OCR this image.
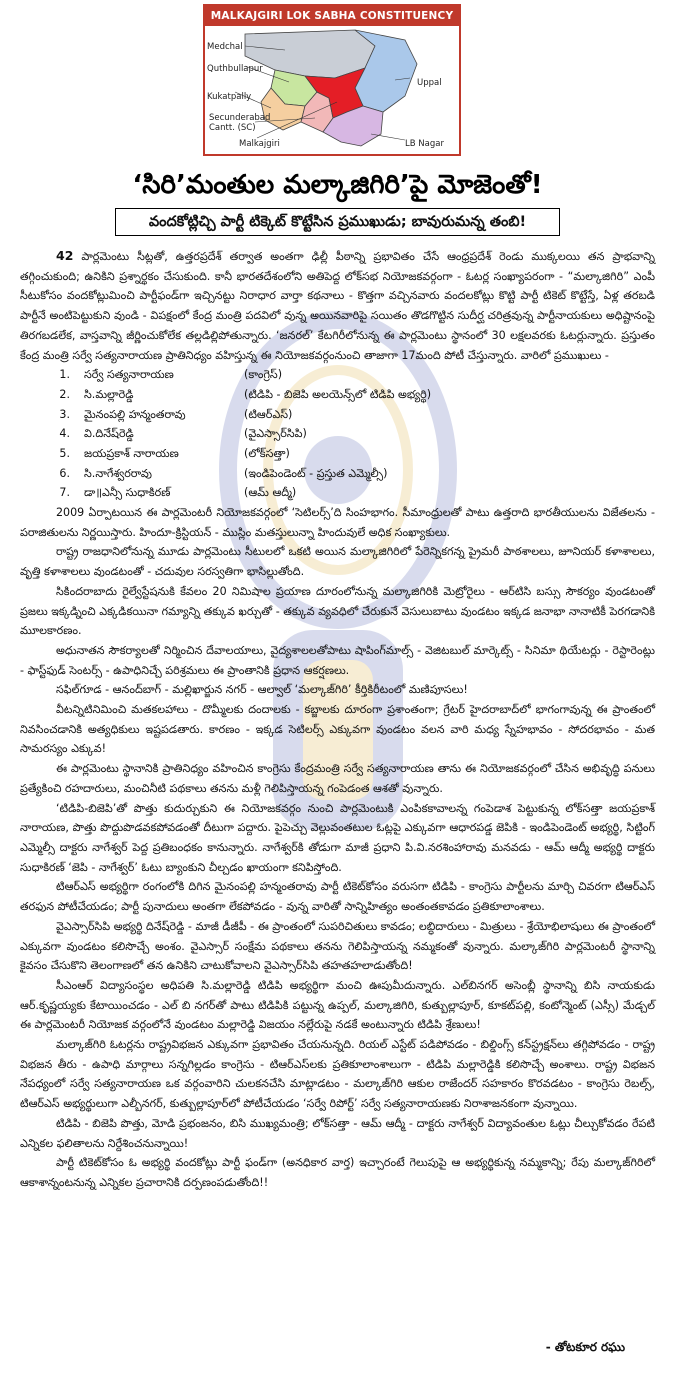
MALKAJGIRI LOK SABHA CONSTITUENCY
Medchal
Quthbullapur
Kukatpally
Uppal
Secunderabad
Cantt. (SC)
Malkajgiri	LB Nagar
‘సిరి’మంతుల మల్కాజిగిరి’పై మోజెంతో!
వందకోట్లిచ్చి పార్టీ టిక్కెట్ కొట్టేసిన ప్రముఖుడు; బావురుమన్న తంబి!

42 పార్లమెంటు సీట్లతో, ఉత్తరప్రదేశ్ తర్వాత అంతగా ఢిల్లీ పీఠాన్ని ప్రభావితం చేసే ఆంధ్రప్రదేశ్ రెండు ముక్కలయి తన ప్రాభవాన్ని తగ్గించుకుంది; ఉనికిని ప్రశ్నార్థకం చేసుకుంది. కానీ భారతదేశంలోని అతిపెద్ద లోక్‌సభ నియోజకవర్గంగా - ఓటర్ల సంఖ్యాపరంగా - “మల్కాజిగిరి” ఎంపీ సీటుకోసం వందకోట్లుమించి పార్టీఫండ్‌గా ఇచ్చినట్టు నిరాధార వార్తా కథనాలు - కొత్తగా వచ్చినవారు వందలకోట్లు కొట్టి పార్టీ టికెట్ కొట్టేస్తే, ఏళ్ల తరబడి పార్టీనే అంటిపెట్టుకుని వుండి - విపక్షంలో కేంద్ర మంత్రి పదవిలో వున్న అయినవారిపై సయితం తొడగొట్టిన సుదీర్ఘ చరిత్రవున్న పార్టీనాయకులు అధిష్టానంపై తిరగబడలేక, వాస్తవాన్ని జీర్ణించుకోలేక తల్లడిల్లిపోతున్నారు. ‘జనరల్’ కేటగిరీలోనున్న ఈ పార్లమెంటు స్థానంలో 30 లక్షలవరకు ఓటర్లున్నారు. ప్రస్తుతం కేంద్ర మంత్రి సర్వే సత్యనారాయణ ప్రాతినిధ్యం వహిస్తున్న ఈ నియోజకవర్గంనుంచి తాజాగా 17మంది పోటీ చేస్తున్నారు. వారిలో ప్రముఖులు -

1.	సర్వే సత్యనారాయణ	(కాంగ్రెస్)
2.	సి.మల్లారెడ్డి	(టిడిపి - బిజెపి అలయెన్స్‌లో టిడిపి అభ్యర్థి)
3.	మైనంపల్లి హన్మంతరావు	(టిఆర్ఎస్)
4.	వి.దినేష్‌రెడ్డి	(వైఎస్సార్‌సిపి)
5.	జయప్రకాశ్ నారాయణ	(లోక్‌సత్తా)
6.	సి.నాగేశ్వరరావు	(ఇండిపెండెంట్ - ప్రస్తుత ఎమ్మెల్సీ)
7.	డా॥ఎన్సీ సుధాకిరణ్	(ఆమ్ ఆద్మీ)

2009 ఏర్పాటయిన ఈ పార్లమెంటరీ నియోజకవర్గంలో ‘సెటిలర్స్’ది సింహభాగం. సీమాంధ్రులతో పాటు ఉత్తరాది భారతీయులను విజేతలను - పరాజితులను నిర్ణయిస్తారు. హిందూ-క్రిస్టియన్ - ముస్లిం మతస్తులున్నా హిందువులే అధిక సంఖ్యాకులు.

రాష్ట్ర రాజధానిలోనున్న మూడు పార్లమెంటు సీటులలో ఒకటి అయిన మల్కాజిగిరిలో పేరెన్నికగన్న ప్రైమరీ పాఠశాలలు, జూనియర్ కళాశాలలు, వృత్తి కళాశాలలు వుండటంతో - చదువుల సరస్వతిగా భాసిల్లుతోంది.

సికిందరాబాదు రైల్వేస్టేషనుకి కేవలం 20 నిమిషాల ప్రయాణ దూరంలోనున్న మల్కాజిగిరికి మెట్రోరైలు - ఆర్‌టిసి బస్సు సౌకర్యం వుండటంతో ప్రజలు ఇక్కడ్నించి ఎక్కడికయినా గమ్యాన్ని తక్కువ ఖర్చుతో - తక్కువ వ్యవధిలో చేరుకునే వెసులుబాటు వుండటం ఇక్కడ జనాభా నానాటికీ పెరగడానికి మూలకారణం.

అధునాతన సౌకర్యాలతో నిర్మించిన దేవాలయాలు, వైద్యశాలలతోపాటు షాపింగ్‌మాల్స్ - వెజిటబుల్ మార్కెట్స్ - సినిమా థియేటర్లు - రెస్టారెంట్లు - ఫాస్ట్‌ఫుడ్ సెంటర్స్ - ఉపాధినిచ్చే పరిశ్రమలు ఈ ప్రాంతానికి ప్రధాన ఆకర్షణలు.

సఫిల్‌గూడ - ఆనంద్‌బాగ్ - మల్లిఖార్జున నగర్ - ఆల్వాల్ ‘మల్కాజ్‌గిరి’ కీర్తికిరీటంలో మణిపూసలు!

వీటన్నిటినిమించి మతకలహాలు - దొమ్మీలకు దందాలకు - కబ్జాలకు దూరంగా ప్రశాంతంగా; గ్రేటర్ హైదరాబాద్‌లో భాగంగావున్న ఈ ప్రాంతంలో నివసించడానికి అత్యధికులు ఇష్టపడతారు. కారణం - ఇక్కడ సెటిలర్స్ ఎక్కువగా వుండటం వలన వారి మధ్య స్నేహభావం - సోదరభావం - మత సామరస్యం ఎక్కువ!

ఈ పార్లమెంటు స్థానానికి ప్రాతినిధ్యం వహించిన కాంగ్రెసు కేంద్రమంత్రి సర్వే సత్యనారాయణ తాను ఈ నియోజకవర్గంలో చేసిన అభివృద్ధి పనులు ప్రత్యేకించి రహదారులు, మంచినీటి పథకాలు తనను మళ్లీ గెలిపిస్తాయన్న గంపెడంత ఆశతో వున్నారు.

‘టిడిపి-బిజెపి’తో పొత్తు కుదుర్చుకుని ఈ నియోజకవర్గం నుంచి పార్లమెంటుకి ఎంపికకావాలన్న గంపెడాశ పెట్టుకున్న లోక్‌సత్తా జయప్రకాశ్ నారాయణ, పొత్తు పొద్దుపొడవకపోవడంతో దీటుగా పద్దారు. పైపెచ్చు వెల్లువంతటుల ఓట్లపై ఎక్కువగా ఆధారపడ్డ జెపికి - ఇండిపెండెంట్ అభ్యర్థి, సిట్టింగ్ ఎమ్మెల్సీ దాక్టరు నాగేశ్వర్ పెద్ద ప్రతిబంధకం కానున్నారు. నాగేశ్వర్‌కి తోడుగా మాజీ ప్రధాని పి.వి.నరశింహారావు మనవడు - ఆమ్ ఆద్మీ అభ్యర్థి దాక్టరు సుధాకిరణ్ ‘జెపి - నాగేశ్వర్’ ఓటు బ్యాంకుని చీల్చడం ఖాయంగా కనిపిస్తోంది.

టిఆర్ఎస్ అభ్యర్థిగా రంగంలోకి దిగిన మైనంపల్లి హన్మంతరావు పార్టీ టికెట్‌కోసం వరుసగా టిడిపి - కాంగ్రెసు పార్టీలను మార్చి చివరగా టిఆర్ఎస్ తరఫున పోటీచేయడం; పార్టీ పునాదులు అంతగా లేకపోవడం - వున్న వారితో సాన్నిహిత్యం అంతంతకావడం ప్రతికూలాంశాలు.

వైఎస్సార్‌సిపి అభ్యర్థి దినేష్‌రెడ్డి - మాజీ డీజీపీ - ఈ ప్రాంతంలో సుపరిచితులు కావడం; లబ్ధిదారులు - మిత్రులు - శ్రేయోభిలాషులు ఈ ప్రాంతంలో ఎక్కువగా వుండటం కలిసొచ్చే అంశం. వైఎస్సార్ సంక్షేమ పథకాలు తనను గెలిపిస్తాయన్న నమ్మకంతో వున్నారు. మల్కాజ్‌గిరి పార్లమెంటరీ స్థానాన్ని కైవసం చేసుకొని తెలంగాణలో తన ఉనికిని చాటుకోవాలని వైఎస్సార్‌సిపి తహతహలాడుతోంది!

సీఎంఆర్ విద్యాసంస్థల అధిపతి సి.మల్లారెడ్డి టిడిపి అభ్యర్థిగా మంచి ఊపుమీదున్నారు. ఎల్‌బినగర్ అసెంబ్లీ స్థానాన్ని బిసి నాయకుడు ఆర్.కృష్ణయ్యకు కేటాయించడం - ఎల్ బి నగర్‌తో పాటు టిడిపికి పట్టున్న ఉప్పల్, మల్కాజిగిరి, కుత్బుల్లాపూర్, కూకట్‌పల్లి, కంటోన్మెంట్ (ఎస్సీ) మేడ్చల్ ఈ పార్లమెంటరీ నియోజక వర్గంలోనే వుండటం మల్లారెడ్డి విజయం నల్లేరుపై నడకే అంటున్నారు టిడిపి శ్రేణులు!

మల్కాజ్‌గిరి ఓటర్లను రాష్ట్రవిభజన ఎక్కువగా ప్రభావితం చేయనున్నది. రియల్ ఎస్టేట్ పడిపోవడం - బిల్డింగ్స్ కన్‌స్ట్రక్షన్‌లు తగ్గిపోవడం - రాష్ట్ర విభజన తీరు - ఉపాధి మార్గాలు సన్నగిల్లడం కాంగ్రెసు - టిఆర్ఎస్‌లకు ప్రతికూలాంశాలుగా - టిడిపి మల్లారెడ్డికి కలిసొచ్చే అంశాలు. రాష్ట్ర విభజన నేపధ్యంలో సర్వే సత్యనారాయణ ఒక వర్గంవారిని చులకనచేసి మాట్లాడటం - మల్కాజ్‌గిరి ఆకుల రాజేందర్ సహకారం కొరవడటం - కాంగ్రెసు రెబల్స్, టిఆర్ఎస్ అభ్యర్థులుగా ఎల్బీనగర్, కుత్బుల్లాపూర్‌లో పోటీచేయడం ‘సర్వే రిపోర్ట్’ సర్వే సత్యనారాయణకు నిరాశాజనకంగా వున్నాయి.

టిడిపి - బిజెపి పొత్తు, మోడి ప్రభంజనం, బిసి ముఖ్యమంత్రి; లోక్‌సత్తా - ఆమ్ ఆద్మీ - దాక్టరు నాగేశ్వర్ విద్యావంతుల ఓట్లు చీల్చుకోవడం రేపటి ఎన్నికల ఫలితాలను నిర్దేశించనున్నాయి!

పార్టీ టికెట్‌కోసం ఓ అభ్యర్థి వందకోట్లు పార్టీ ఫండ్‌గా (అనధికార వార్త) ఇచ్చారంటే గెలుపుపై ఆ అభ్యర్థికున్న నమ్మకాన్ని; రేపు మల్కాజ్‌గిరిలో ఆకాశాన్నంటనున్న ఎన్నికల ప్రచారానికి దర్పణంపడుతోంది!!

- తోటకూర రఘు
